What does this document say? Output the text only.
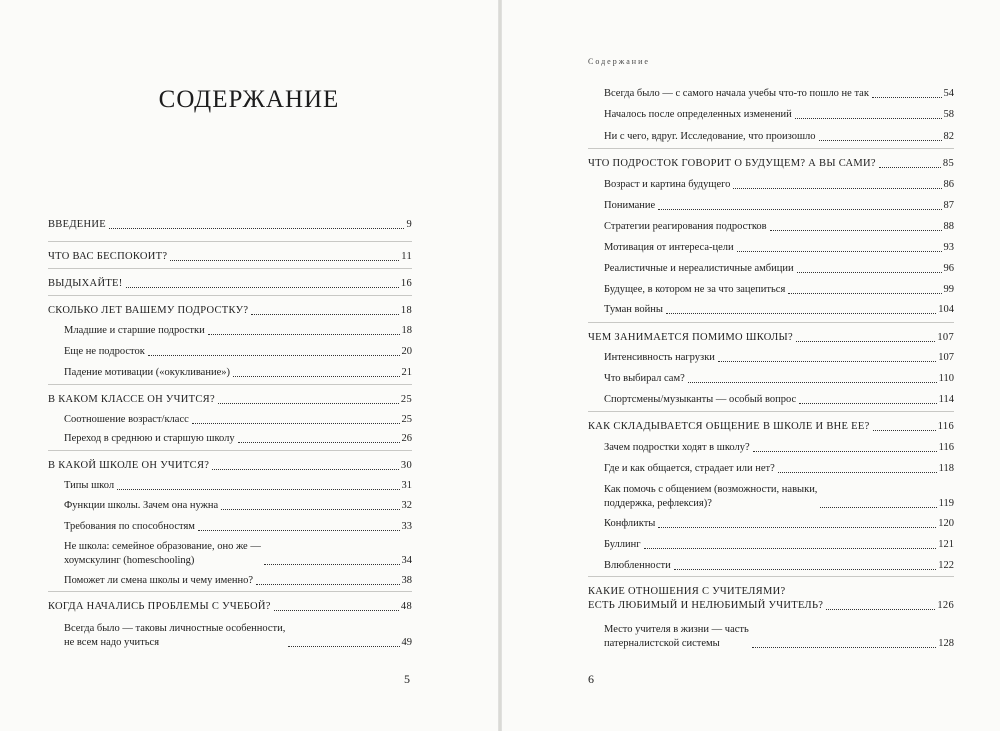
СОДЕРЖАНИЕ
ВВЕДЕНИЕ	9
ЧТО ВАС БЕСПОКОИТ?	11
ВЫДЫХАЙТЕ!	16
СКОЛЬКО ЛЕТ ВАШЕМУ ПОДРОСТКУ?	18
Младшие и старшие подростки	18
Еще не подросток	20
Падение мотивации («окукливание»)	21
В КАКОМ КЛАССЕ ОН УЧИТСЯ?	25
Соотношение возраст/класс	25
Переход в среднюю и старшую школу	26
В КАКОЙ ШКОЛЕ ОН УЧИТСЯ?	30
Типы школ	31
Функции школы. Зачем она нужна	32
Требования по способностям	33
Не школа: семейное образование, оно же —
хоумскулинг (homeschooling)	34
Поможет ли смена школы и чему именно?	38
КОГДА НАЧАЛИСЬ ПРОБЛЕМЫ С УЧЕБОЙ?	48
Всегда было — таковы личностные особенности,
не всем надо учиться	49
5
Содержание
Всегда было — с самого начала учебы что-то пошло не так	54
Началось после определенных изменений	58
Ни с чего, вдруг. Исследование, что произошло	82
ЧТО ПОДРОСТОК ГОВОРИТ О БУДУЩЕМ? А ВЫ САМИ?	85
Возраст и картина будущего	86
Понимание	87
Стратегии реагирования подростков	88
Мотивация от интереса-цели	93
Реалистичные и нереалистичные амбиции	96
Будущее, в котором не за что зацепиться	99
Туман войны	104
ЧЕМ ЗАНИМАЕТСЯ ПОМИМО ШКОЛЫ?	107
Интенсивность нагрузки	107
Что выбирал сам?	110
Спортсмены/музыканты — особый вопрос	114
КАК СКЛАДЫВАЕТСЯ ОБЩЕНИЕ В ШКОЛЕ И ВНЕ ЕЕ?	116
Зачем подростки ходят в школу?	116
Где и как общается, страдает или нет?	118
Как помочь с общением (возможности, навыки,
поддержка, рефлексия)?	119
Конфликты	120
Буллинг	121
Влюбленности	122
КАКИЕ ОТНОШЕНИЯ С УЧИТЕЛЯМИ?
ЕСТЬ ЛЮБИМЫЙ И НЕЛЮБИМЫЙ УЧИТЕЛЬ?	126
Место учителя в жизни — часть
патерналистской системы	128
6
